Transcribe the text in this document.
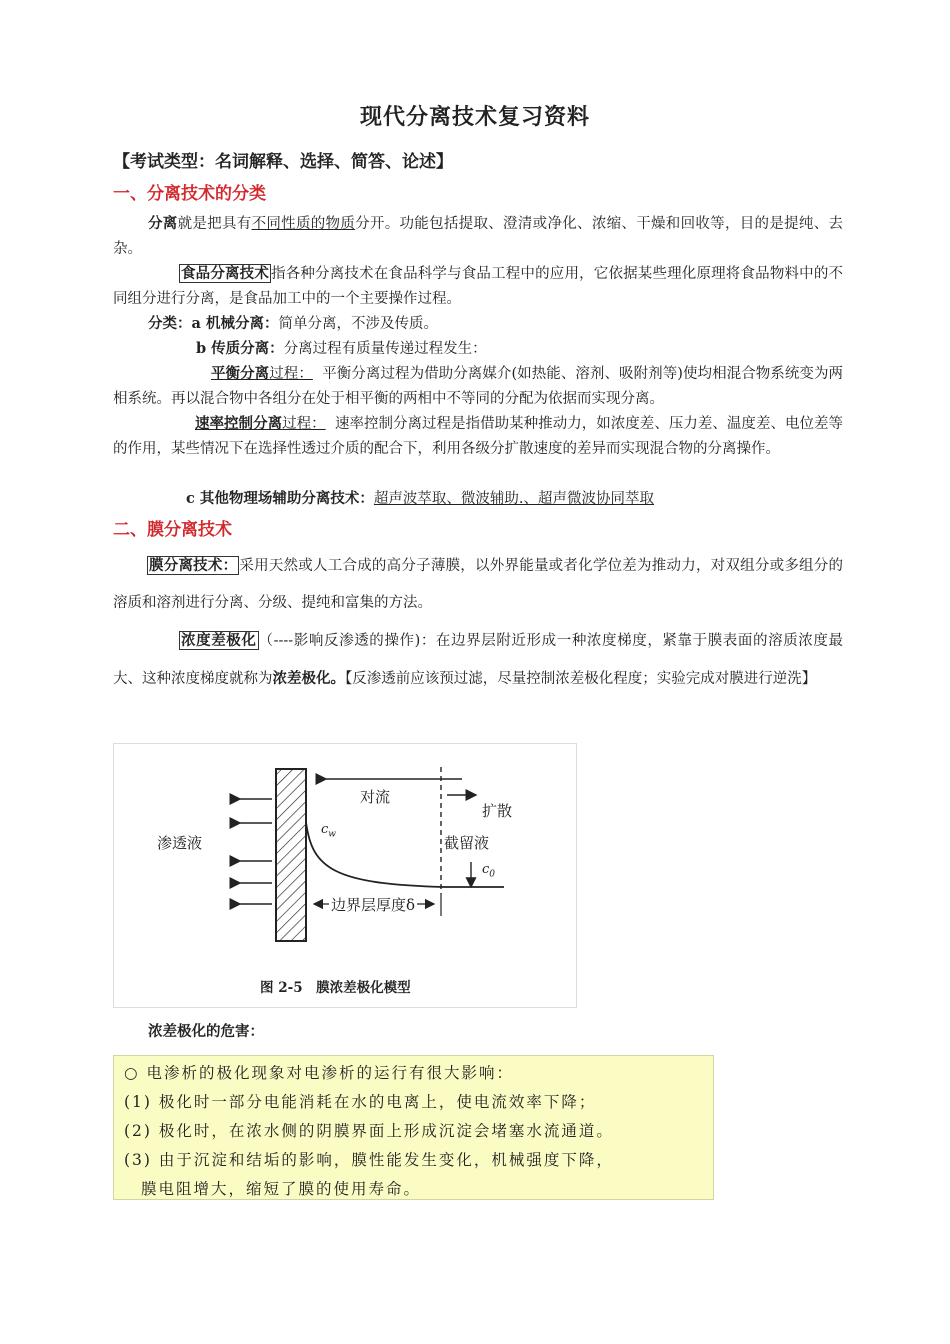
现代分离技术复习资料
【考试类型：名词解释、选择、简答、论述】
一、分离技术的分类
分离就是把具有不同性质的物质分开。功能包括提取、澄清或净化、浓缩、干燥和回收等，目的是提纯、去杂。
食品分离技术 指各种分离技术在食品科学与食品工程中的应用，它依据某些理化原理将食品物料中的不同组分进行分离，是食品加工中的一个主要操作过程。
分类：a 机械分离：简单分离，不涉及传质。
b 传质分离：分离过程有质量传递过程发生：
平衡分离过程： 平衡分离过程为借助分离媒介(如热能、溶剂、吸附剂等)使均相混合物系统变为两相系统。再以混合物中各组分在处于相平衡的两相中不等同的分配为依据而实现分离。
速率控制分离过程： 速率控制分离过程是指借助某种推动力，如浓度差、压力差、温度差、电位差等的作用，某些情况下在选择性透过介质的配合下，利用各级分扩散速度的差异而实现混合物的分离操作。
c 其他物理场辅助分离技术：超声波萃取、微波辅助.、超声微波协同萃取
二、膜分离技术
膜分离技术： 采用天然或人工合成的高分子薄膜，以外界能量或者化学位差为推动力，对双组分或多组分的溶质和溶剂进行分离、分级、提纯和富集的方法。
浓度差极化 （----影响反渗透的操作)：在边界层附近形成一种浓度梯度，紧靠于膜表面的溶质浓度最大、这种浓度梯度就称为浓差极化。【反渗透前应该预过滤，尽量控制浓差极化程度；实验完成对膜进行逆洗】
渗透液
对流
扩散
截留液
$c_w$
$c_0$
边界层厚度δ
图 2-5　膜浓差极化模型
浓差极化的危害：
○ 电渗析的极化现象对电渗析的运行有很大影响：
(1) 极化时一部分电能消耗在水的电离上，使电流效率下降；
(2) 极化时，在浓水侧的阴膜界面上形成沉淀会堵塞水流通道。
(3) 由于沉淀和结垢的影响，膜性能发生变化，机械强度下降，
膜电阻增大，缩短了膜的使用寿命。
